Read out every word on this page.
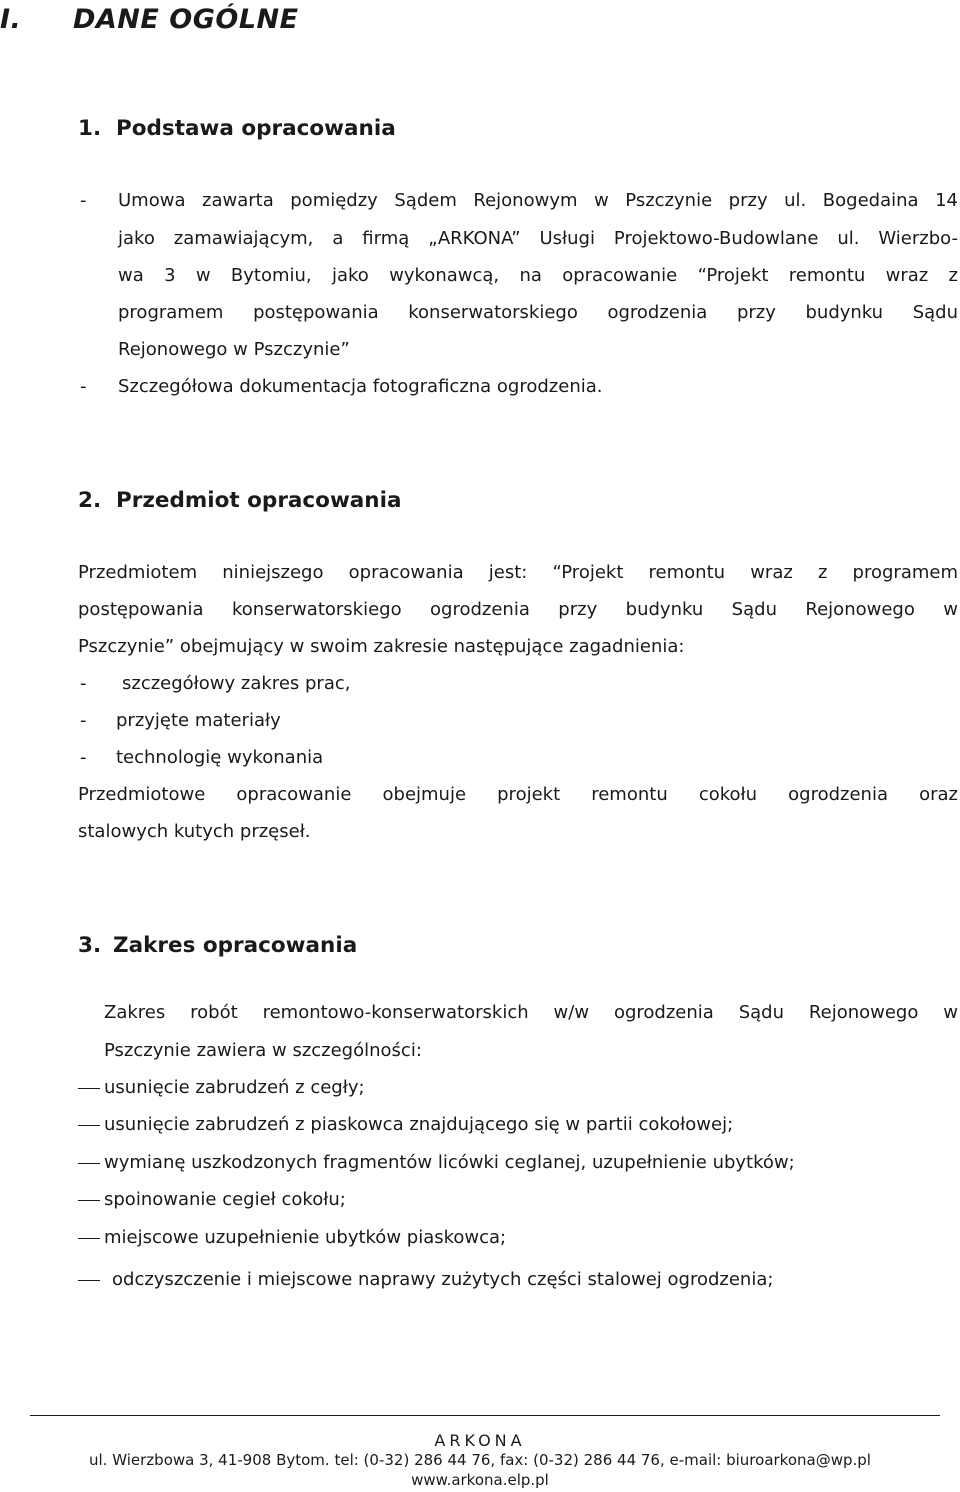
I. DANE OGÓLNE
1. Podstawa opracowania
- Umowa zawarta pomiędzy Sądem Rejonowym w Pszczynie przy ul. Bogedaina 14
jako zamawiającym, a firmą „ARKONA” Usługi Projektowo-Budowlane ul. Wierzbo-
wa 3 w Bytomiu, jako wykonawcą, na opracowanie “Projekt remontu wraz z
programem postępowania konserwatorskiego ogrodzenia przy budynku Sądu
Rejonowego w Pszczynie”
- Szczegółowa dokumentacja fotograficzna ogrodzenia.
2. Przedmiot opracowania
Przedmiotem niniejszego opracowania jest: “Projekt remontu wraz z programem
postępowania konserwatorskiego ogrodzenia przy budynku Sądu Rejonowego w
Pszczynie” obejmujący w swoim zakresie następujące zagadnienia:
- szczegółowy zakres prac,
- przyjęte materiały
- technologię wykonania
Przedmiotowe opracowanie obejmuje projekt remontu cokołu ogrodzenia oraz
stalowych kutych przęseł.
3. Zakres opracowania
Zakres robót remontowo-konserwatorskich w/w ogrodzenia Sądu Rejonowego w
Pszczynie zawiera w szczególności:
usunięcie zabrudzeń z cegły;
usunięcie zabrudzeń z piaskowca znajdującego się w partii cokołowej;
wymianę uszkodzonych fragmentów licówki ceglanej, uzupełnienie ubytków;
spoinowanie cegieł cokołu;
miejscowe uzupełnienie ubytków piaskowca;
odczyszczenie i miejscowe naprawy zużytych części stalowej ogrodzenia;
ARKONA
ul. Wierzbowa 3, 41-908 Bytom. tel: (0-32) 286 44 76, fax: (0-32) 286 44 76, e-mail: biuroarkona@wp.pl
www.arkona.elp.pl
